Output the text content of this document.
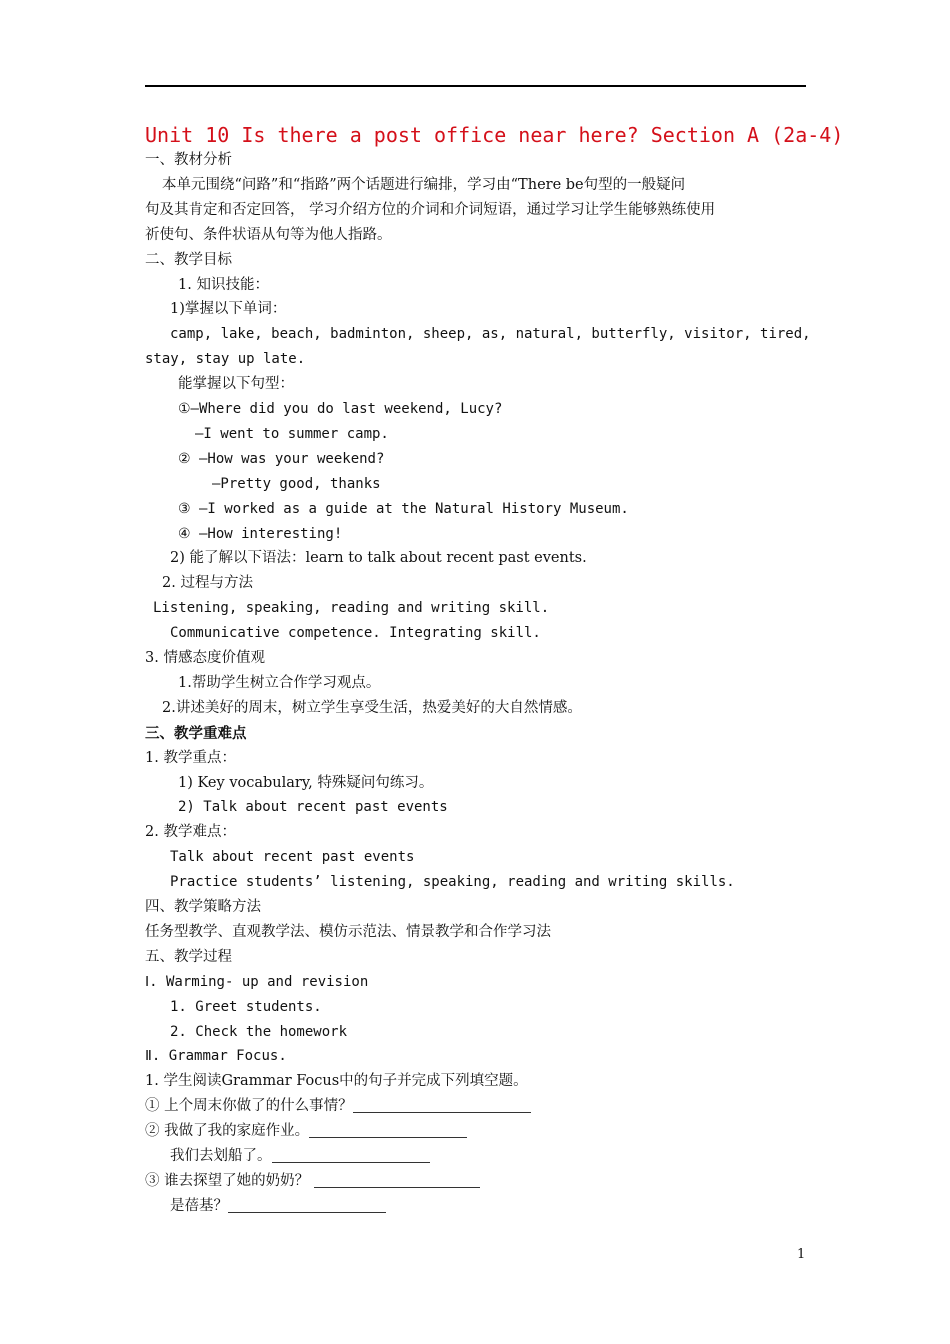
Unit 10 Is there a post office near here? Section A (2a-4)
一、教材分析
本单元围绕“问路”和“指路”两个话题进行编排，学习由“There be句型的一般疑问
句及其肯定和否定回答， 学习介绍方位的介词和介词短语，通过学习让学生能够熟练使用
祈使句、条件状语从句等为他人指路。
二、教学目标
1. 知识技能：
1)掌握以下单词：
camp, lake, beach, badminton, sheep, as, natural, butterfly, visitor, tired,
stay, stay up late.
能掌握以下句型：
①—Where did you do last weekend, Lucy?
—I went to summer camp.
② —How was your weekend?
—Pretty good, thanks
③ —I worked as a guide at the Natural History Museum.
④ —How interesting!
2) 能了解以下语法：learn to talk about recent past events.
2. 过程与方法
Listening, speaking, reading and writing skill.
Communicative competence. Integrating skill.
3. 情感态度价值观
1.帮助学生树立合作学习观点。
2.讲述美好的周末，树立学生享受生活，热爱美好的大自然情感。
三、教学重难点
1. 教学重点：
1) Key vocabulary, 特殊疑问句练习。
2) Talk about recent past events
2. 教学难点：
Talk about recent past events
Practice students’ listening, speaking, reading and writing skills.
四、教学策略方法
任务型教学、直观教学法、模仿示范法、情景教学和合作学习法
五、教学过程
Ⅰ. Warming- up and revision
1. Greet students.
2. Check the homework
Ⅱ. Grammar Focus.
1. 学生阅读Grammar Focus中的句子并完成下列填空题。
① 上个周末你做了的什么事情？
② 我做了我的家庭作业。
我们去划船了。
③ 谁去探望了她的奶奶？
是蓓基？
1
